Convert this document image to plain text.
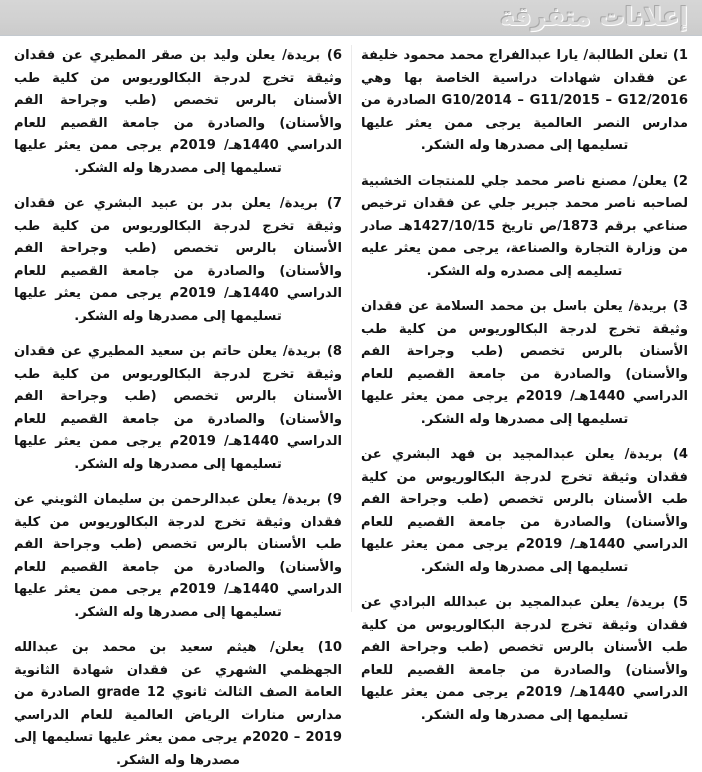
إعلانات متفرقة

1) تعلن الطالبة/ يارا عبدالفراج محمد محمود خليفة عن فقدان شهادات دراسية الخاصة بها وهي G10/2014 – G11/2015 – G12/2016 الصادرة من مدارس النصر العالمية يرجى ممن يعثر عليها تسليمها إلى مصدرها وله الشكر.

2) يعلن/ مصنع ناصر محمد جلي للمنتجات الخشبية لصاحبه ناصر محمد جبرير جلي عن فقدان ترخيص صناعي برقم 1873/ص تاريخ 1427/10/15هـ صادر من وزارة التجارة والصناعة، يرجى ممن يعثر عليه تسليمه إلى مصدره وله الشكر.

3) بريدة/ يعلن باسل بن محمد السلامة عن فقدان وثيقة تخرج لدرجة البكالوريوس من كلية طب الأسنان بالرس تخصص (طب وجراحة الفم والأسنان) والصادرة من جامعة القصيم للعام الدراسي 1440هـ/ 2019م يرجى ممن يعثر عليها تسليمها إلى مصدرها وله الشكر.

4) بريدة/ يعلن عبدالمجيد بن فهد البشري عن فقدان وثيقة تخرج لدرجة البكالوريوس من كلية طب الأسنان بالرس تخصص (طب وجراحة الفم والأسنان) والصادرة من جامعة القصيم للعام الدراسي 1440هـ/ 2019م يرجى ممن يعثر عليها تسليمها إلى مصدرها وله الشكر.

5) بريدة/ يعلن عبدالمجيد بن عبدالله البرادي عن فقدان وثيقة تخرج لدرجة البكالوريوس من كلية طب الأسنان بالرس تخصص (طب وجراحة الفم والأسنان) والصادرة من جامعة القصيم للعام الدراسي 1440هـ/ 2019م يرجى ممن يعثر عليها تسليمها إلى مصدرها وله الشكر.

6) بريدة/ يعلن وليد بن صقر المطيري عن فقدان وثيقة تخرج لدرجة البكالوريوس من كلية طب الأسنان بالرس تخصص (طب وجراحة الفم والأسنان) والصادرة من جامعة القصيم للعام الدراسي 1440هـ/ 2019م يرجى ممن يعثر عليها تسليمها إلى مصدرها وله الشكر.

7) بريدة/ يعلن بدر بن عبيد البشري عن فقدان وثيقة تخرج لدرجة البكالوريوس من كلية طب الأسنان بالرس تخصص (طب وجراحة الفم والأسنان) والصادرة من جامعة القصيم للعام الدراسي 1440هـ/ 2019م يرجى ممن يعثر عليها تسليمها إلى مصدرها وله الشكر.

8) بريدة/ يعلن حاتم بن سعيد المطيري عن فقدان وثيقة تخرج لدرجة البكالوريوس من كلية طب الأسنان بالرس تخصص (طب وجراحة الفم والأسنان) والصادرة من جامعة القصيم للعام الدراسي 1440هـ/ 2019م يرجى ممن يعثر عليها تسليمها إلى مصدرها وله الشكر.

9) بريدة/ يعلن عبدالرحمن بن سليمان الثويني عن فقدان وثيقة تخرج لدرجة البكالوريوس من كلية طب الأسنان بالرس تخصص (طب وجراحة الفم والأسنان) والصادرة من جامعة القصيم للعام الدراسي 1440هـ/ 2019م يرجى ممن يعثر عليها تسليمها إلى مصدرها وله الشكر.

10) يعلن/ هيثم سعيد بن محمد بن عبدالله الجهظمي الشهري عن فقدان شهادة الثانوية العامة الصف الثالث ثانوي grade 12 الصادرة من مدارس منارات الرياض العالمية للعام الدراسي 2019 – 2020م يرجى ممن يعثر عليها تسليمها إلى مصدرها وله الشكر.
